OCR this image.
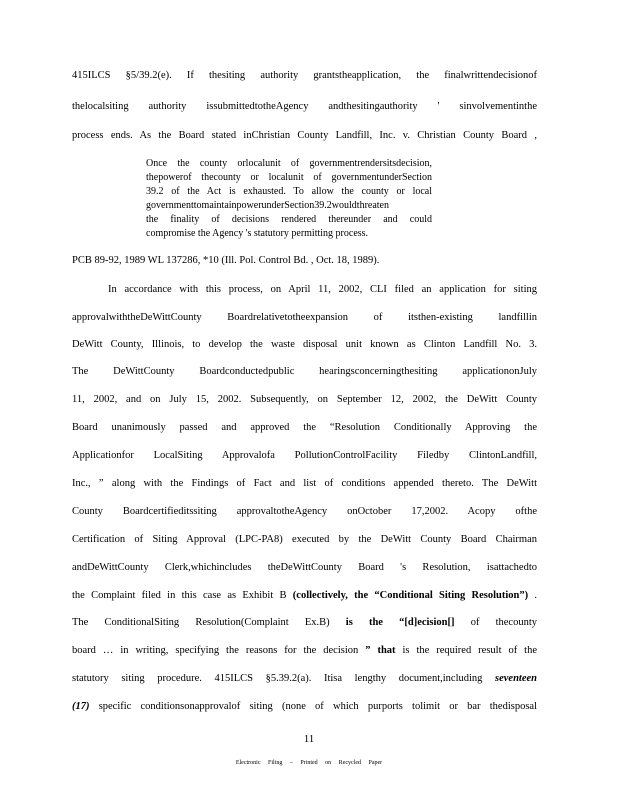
415ILCS §5/39.2(e). If thesiting authority grantstheapplication, the finalwrittendecisionof
thelocalsiting authority issubmittedtotheAgency andthesitingauthority ' sinvolvementinthe
process ends. As the Board stated inChristian County Landfill, Inc. v. Christian County Board ,
Once the county orlocalunit of governmentrendersitsdecision,
thepowerof thecounty or localunit of governmentunderSection
39.2 of the Act is exhausted. To allow the county or local
governmenttomaintainpowerunderSection39.2wouldthreaten
the finality of decisions rendered thereunder and could
compromise the Agency 's statutory permitting process.
PCB 89-92, 1989 WL 137286, *10 (Ill. Pol. Control Bd. , Oct. 18, 1989).
In accordance with this process, on April 11, 2002, CLI filed an application for siting
approvalwiththeDeWittCounty Boardrelativetotheexpansion of itsthen-existing landfillin
DeWitt County, Illinois, to develop the waste disposal unit known as Clinton Landfill No. 3.
The DeWittCounty Boardconductedpublic hearingsconcerningthesiting applicationonJuly
11, 2002, and on July 15, 2002. Subsequently, on September 12, 2002, the DeWitt County
Board unanimously passed and approved the “Resolution Conditionally Approving the
Applicationfor LocalSiting Approvalofa PollutionControlFacility Filedby ClintonLandfill,
Inc., ” along with the Findings of Fact and list of conditions appended thereto. The DeWitt
County Boardcertifieditssiting approvaltotheAgency onOctober 17,2002. Acopy ofthe
Certification of Siting Approval (LPC-PA8) executed by the DeWitt County Board Chairman
andDeWittCounty Clerk,whichincludes theDeWittCounty Board 's Resolution, isattachedto
the Complaint filed in this case as Exhibit B (collectively, the “Conditional Siting Resolution”) .
The ConditionalSiting Resolution(Complaint Ex.B) is the “[d]ecision[] of thecounty
board … in writing, specifying the reasons for the decision ” that is the required result of the
statutory siting procedure. 415ILCS §5.39.2(a). Itisa lengthy document,including seventeen
(17) specific conditionsonapprovalof siting (none of which purports tolimit or bar thedisposal
11
Electronic Filing – Printed on Recycled Paper
